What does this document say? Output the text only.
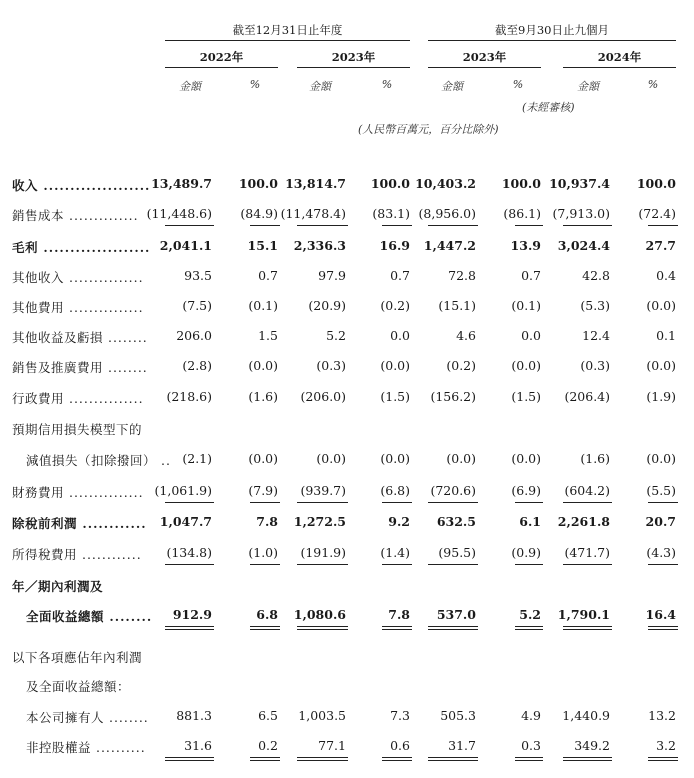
截至12月31日止年度	截至9月30日止九個月
2022年	2023年	2023年	2024年
金額	%	金額	%	金額	%	金額	%
(未經審核)
(人民幣百萬元，百分比除外)
收入 .................... 13,489.7	100.0 13,814.7	100.0 10,403.2	100.0 10,937.4	100.0
銷售成本 .............. (11,448.6)	(84.9) (11,478.4)	(83.1) (8,956.0)	(86.1) (7,913.0)	(72.4)
毛利 .................... 2,041.1	15.1	2,336.3	16.9	1,447.2	13.9	3,024.4	27.7
其他收入 ...............	93.5	0.7	97.9	0.7	72.8	0.7	42.8	0.4
其他費用 ...............	(7.5)	(0.1)	(20.9)	(0.2)	(15.1)	(0.1)	(5.3)	(0.0)
其他收益及虧損 ........	206.0	1.5	5.2	0.0	4.6	0.0	12.4	0.1
銷售及推廣費用 ........	(2.8)	(0.0)	(0.3)	(0.0)	(0.2)	(0.0)	(0.3)	(0.0)
行政費用 ...............	(218.6)	(1.6)	(206.0)	(1.5)	(156.2)	(1.5)	(206.4)	(1.9)
預期信用損失模型下的
減值損失（扣除撥回） .. (2.1)	(0.0)	(0.0)	(0.0)	(0.0)	(0.0)	(1.6)	(0.0)
財務費用 ............... (1,061.9)	(7.9)	(939.7)	(6.8)	(720.6)	(6.9)	(604.2)	(5.5)
除稅前利潤 ............	1,047.7	7.8	1,272.5	9.2	632.5	6.1	2,261.8	20.7
所得稅費用 ............	(134.8)	(1.0)	(191.9)	(1.4)	(95.5)	(0.9)	(471.7)	(4.3)
年／期內利潤及
全面收益總額 ........	912.9	6.8	1,080.6	7.8	537.0	5.2	1,790.1	16.4
以下各項應佔年內利潤
及全面收益總額：
本公司擁有人 ........	881.3	6.5	1,003.5	7.3	505.3	4.9	1,440.9	13.2
非控股權益 ..........	31.6	0.2	77.1	0.6	31.7	0.3	349.2	3.2
